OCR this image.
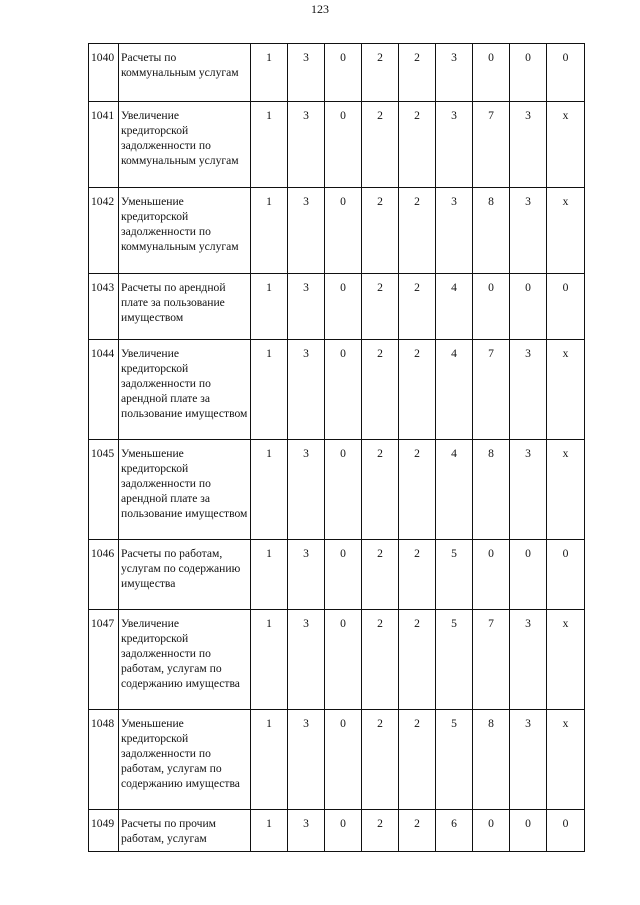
123
1040	Расчеты по коммунальным услугам	1	3	0	2	2	3	0	0	0
1041	Увеличение кредиторской задолженности по коммунальным услугам	1	3	0	2	2	3	7	3	х
1042	Уменьшение кредиторской задолженности по коммунальным услугам	1	3	0	2	2	3	8	3	х
1043	Расчеты по арендной плате за пользование имуществом	1	3	0	2	2	4	0	0	0
1044	Увеличение кредиторской задолженности по арендной плате за пользование имуществом	1	3	0	2	2	4	7	3	х
1045	Уменьшение кредиторской задолженности по арендной плате за пользование имуществом	1	3	0	2	2	4	8	3	х
1046	Расчеты по работам, услугам по содержанию имущества	1	3	0	2	2	5	0	0	0
1047	Увеличение кредиторской задолженности по работам, услугам по содержанию имущества	1	3	0	2	2	5	7	3	х
1048	Уменьшение кредиторской задолженности по работам, услугам по содержанию имущества	1	3	0	2	2	5	8	3	х
1049	Расчеты по прочим работам, услугам	1	3	0	2	2	6	0	0	0
